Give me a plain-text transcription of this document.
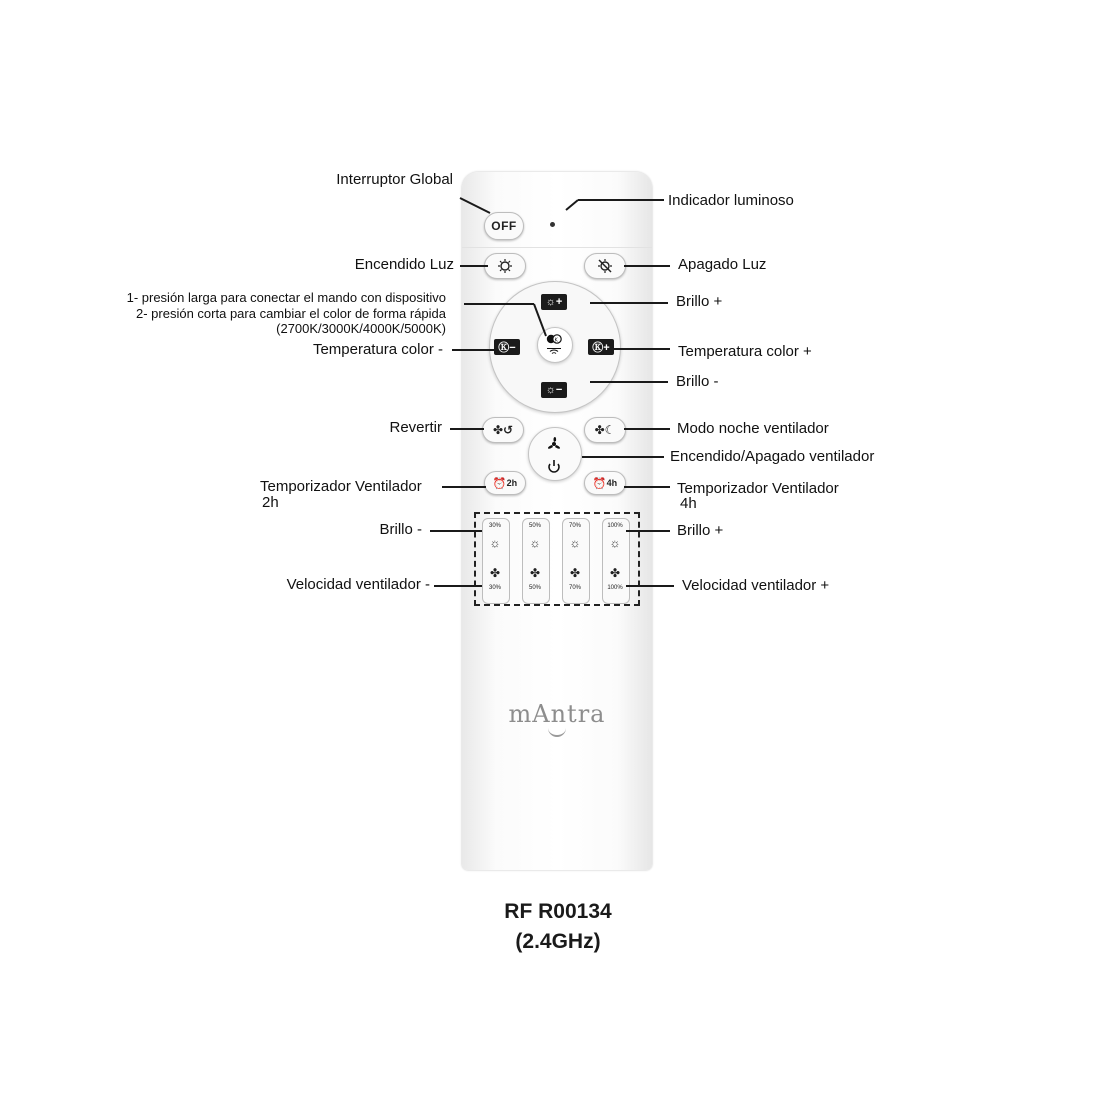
OFF
☼+
☼−
Ⓚ−	Ⓚ+
K
✤↺	✤☾
⏰ 2h	⏰ 4h
30%	50%	70%	100%
☼	☼	☼	☼
✤	✤	✤	✤
30%	50%	70%	100%
mAntra
Interruptor Global
Indicador luminoso
Encendido Luz	Apagado Luz
1- presión larga para conectar el mando con dispositivo
2- presión corta para cambiar el color de forma rápida
(2700K/3000K/4000K/5000K)
Brillo +
Temperatura color -	Temperatura color +
Brillo -
Revertir	Modo noche ventilador
Encendido/Apagado ventilador
Temporizador Ventilador
2h
Temporizador Ventilador
4h
Brillo -	Brillo +
Velocidad ventilador -	Velocidad ventilador +
RF R00134
(2.4GHz)
